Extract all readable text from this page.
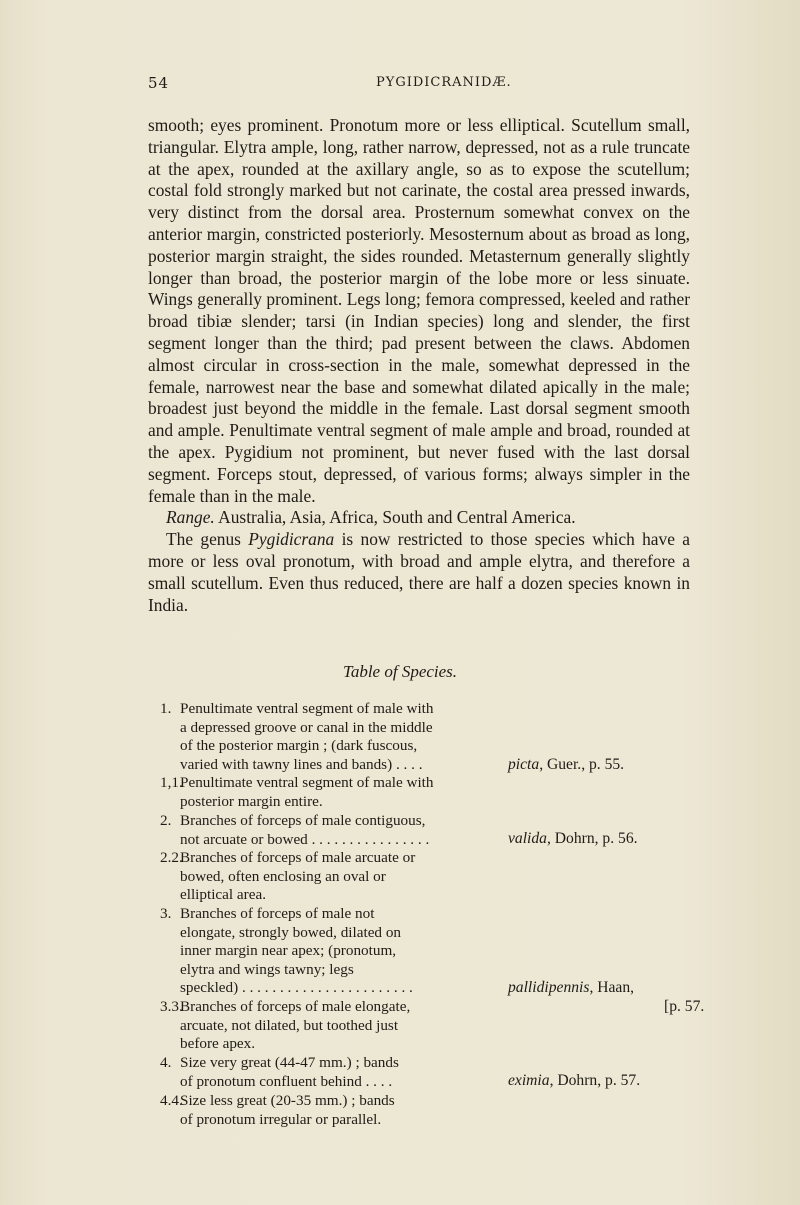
54	PYGIDICRANIDÆ.

smooth; eyes prominent. Pronotum more or less elliptical. Scutellum small, triangular. Elytra ample, long, rather narrow, depressed, not as a rule truncate at the apex, rounded at the axillary angle, so as to expose the scutellum; costal fold strongly marked but not carinate, the costal area pressed inwards, very distinct from the dorsal area. Prosternum somewhat convex on the anterior margin, constricted posteriorly. Mesosternum about as broad as long, posterior margin straight, the sides rounded. Metasternum generally slightly longer than broad, the posterior margin of the lobe more or less sinuate. Wings generally prominent. Legs long; femora compressed, keeled and rather broad tibiæ slender; tarsi (in Indian species) long and slender, the first segment longer than the third; pad present between the claws. Abdomen almost circular in cross-section in the male, somewhat depressed in the female, narrowest near the base and somewhat dilated apically in the male; broadest just beyond the middle in the female. Last dorsal segment smooth and ample. Penultimate ventral segment of male ample and broad, rounded at the apex. Pygidium not prominent, but never fused with the last dorsal segment. Forceps stout, depressed, of various forms; always simpler in the female than in the male.

Range. Australia, Asia, Africa, South and Central America.

The genus Pygidicrana is now restricted to those species which have a more or less oval pronotum, with broad and ample elytra, and therefore a small scutellum. Even thus reduced, there are half a dozen species known in India.

Table of Species.
1. Penultimate ventral segment of male with
a depressed groove or canal in the middle
of the posterior margin ; (dark fuscous,
varied with tawny lines and bands) . . . .	picta, Guer., p. 55.
1,1.
Penultimate ventral segment of male with
posterior margin entire.
2. Branches of forceps of male contiguous,
not arcuate or bowed . . . . . . . . . . . . . . . .	valida, Dohrn, p. 56.
2.2.
Branches of forceps of male arcuate or
bowed, often enclosing an oval or
elliptical area.
3. Branches of forceps of male not
elongate, strongly bowed, dilated on
inner margin near apex; (pronotum,
elytra and wings tawny; legs
speckled) . . . . . . . . . . . . . . . . . . . . . . .	pallidipennis, Haan,
[p. 57.
3.3.
Branches of forceps of male elongate,
arcuate, not dilated, but toothed just
before apex.
4. Size very great (44-47 mm.) ; bands
of pronotum confluent behind . . . .	eximia, Dohrn, p. 57.
4.4.
Size less great (20-35 mm.) ; bands
of pronotum irregular or parallel.
